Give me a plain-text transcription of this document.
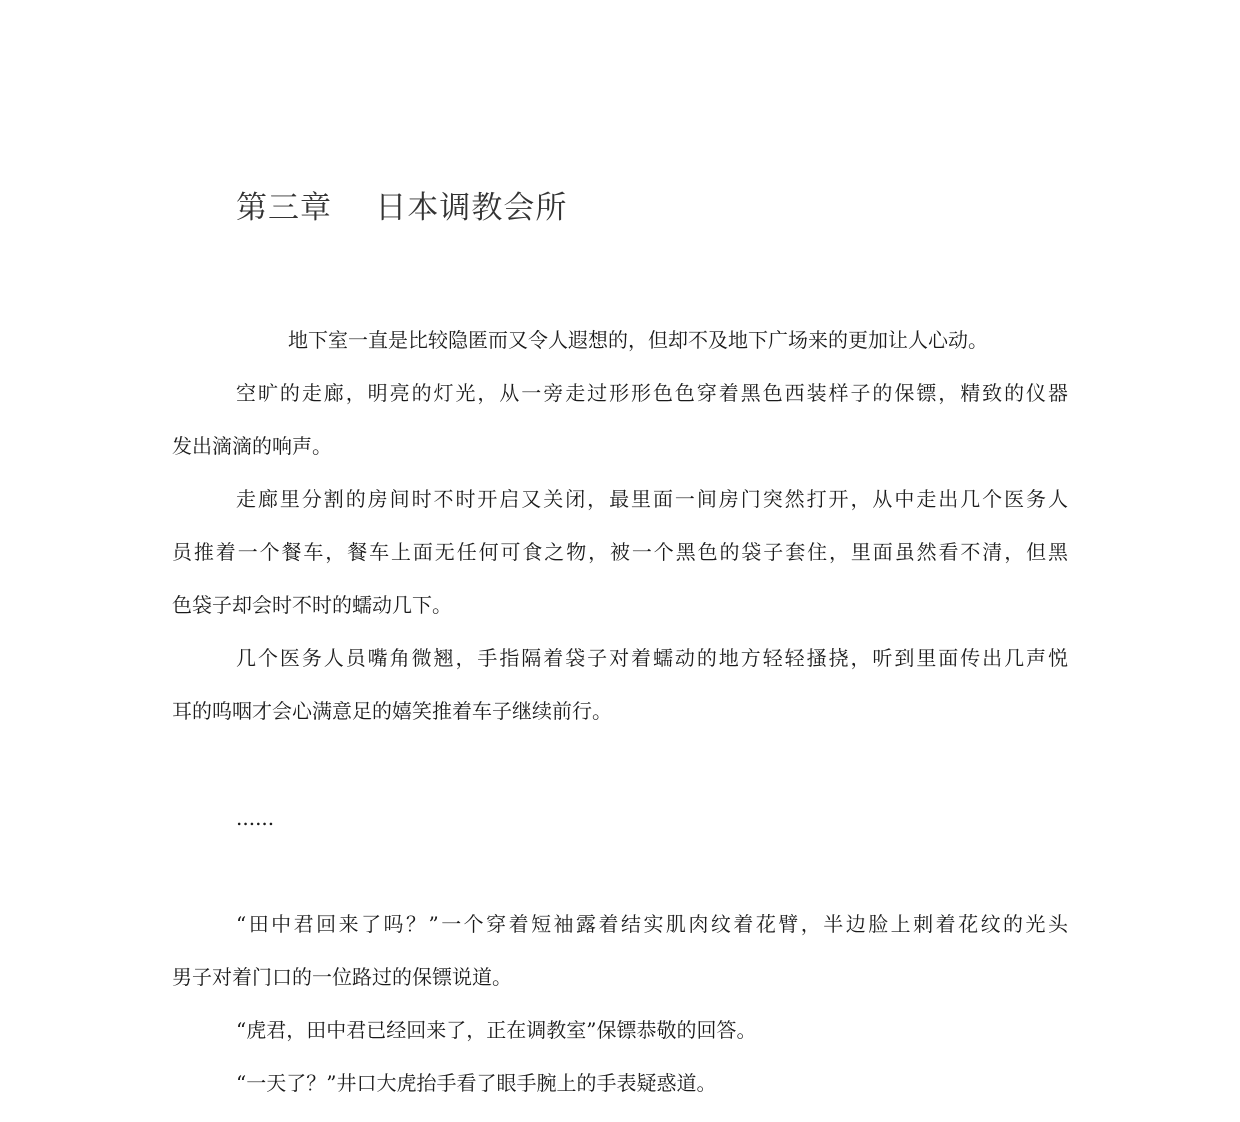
第三章    日本调教会所

地下室一直是比较隐匿而又令人遐想的，但却不及地下广场来的更加让人心动。

空旷的走廊，明亮的灯光，从一旁走过形形色色穿着黑色西装样子的保镖，精致的仪器

发出滴滴的响声。

走廊里分割的房间时不时开启又关闭，最里面一间房门突然打开，从中走出几个医务人

员推着一个餐车，餐车上面无任何可食之物，被一个黑色的袋子套住，里面虽然看不清，但黑

色袋子却会时不时的蠕动几下。

几个医务人员嘴角微翘，手指隔着袋子对着蠕动的地方轻轻搔挠，听到里面传出几声悦

耳的呜咽才会心满意足的嬉笑推着车子继续前行。

......

“田中君回来了吗？”一个穿着短袖露着结实肌肉纹着花臂，半边脸上刺着花纹的光头

男子对着门口的一位路过的保镖说道。

“虎君，田中君已经回来了，正在调教室”保镖恭敬的回答。

“一天了？”井口大虎抬手看了眼手腕上的手表疑惑道。
